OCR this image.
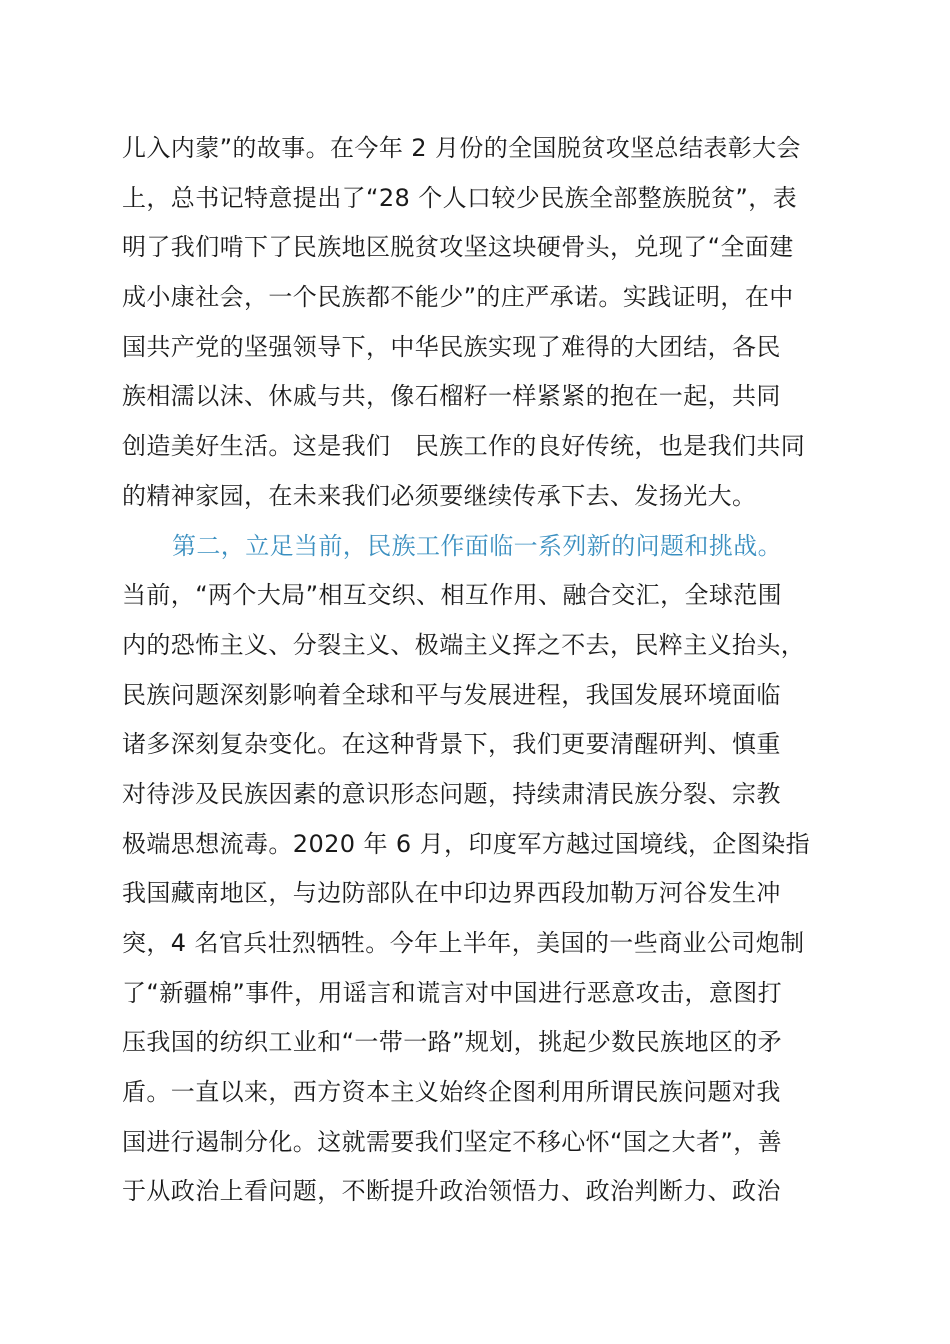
儿入内蒙”的故事。在今年 2 月份的全国脱贫攻坚总结表彰大会
上，总书记特意提出了“28 个人口较少民族全部整族脱贫”，表
明了我们啃下了民族地区脱贫攻坚这块硬骨头，兑现了“全面建
成小康社会，一个民族都不能少”的庄严承诺。实践证明，在中
国共产党的坚强领导下，中华民族实现了难得的大团结，各民
族相濡以沫、休戚与共，像石榴籽一样紧紧的抱在一起，共同
创造美好生活。这是我们　民族工作的良好传统，也是我们共同
的精神家园，在未来我们必须要继续传承下去、发扬光大。
第二，立足当前，民族工作面临一系列新的问题和挑战。
当前，“两个大局”相互交织、相互作用、融合交汇，全球范围
内的恐怖主义、分裂主义、极端主义挥之不去，民粹主义抬头，
民族问题深刻影响着全球和平与发展进程，我国发展环境面临
诸多深刻复杂变化。在这种背景下，我们更要清醒研判、慎重
对待涉及民族因素的意识形态问题，持续肃清民族分裂、宗教
极端思想流毒。2020 年 6 月，印度军方越过国境线，企图染指
我国藏南地区，与边防部队在中印边界西段加勒万河谷发生冲
突，4 名官兵壮烈牺牲。今年上半年，美国的一些商业公司炮制
了“新疆棉”事件，用谣言和谎言对中国进行恶意攻击，意图打
压我国的纺织工业和“一带一路”规划，挑起少数民族地区的矛
盾。一直以来，西方资本主义始终企图利用所谓民族问题对我
国进行遏制分化。这就需要我们坚定不移心怀“国之大者”，善
于从政治上看问题，不断提升政治领悟力、政治判断力、政治
